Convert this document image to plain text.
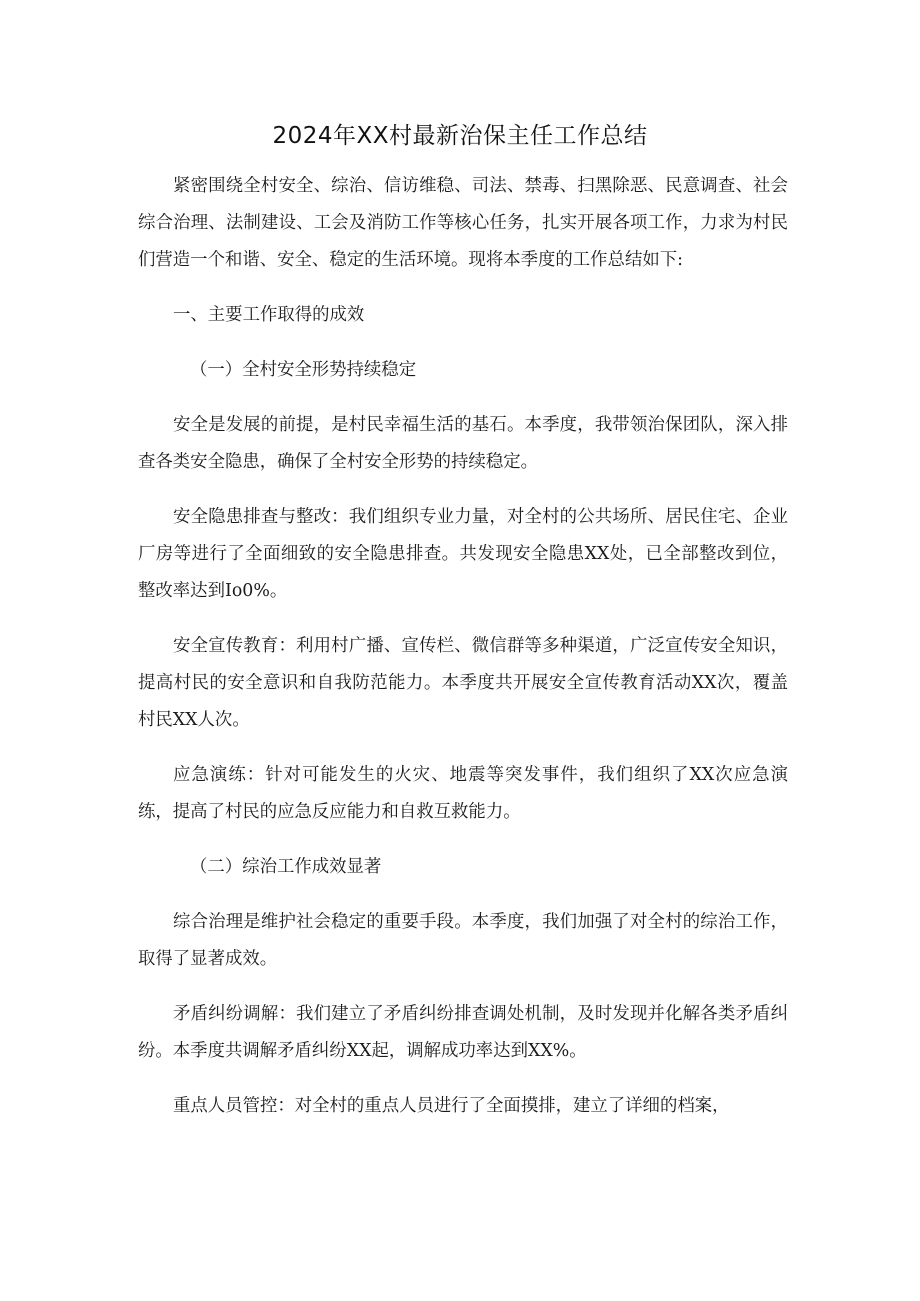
2024年XX村最新治保主任工作总结

紧密围绕全村安全、综治、信访维稳、司法、禁毒、扫黑除恶、民意调查、社会综合治理、法制建设、工会及消防工作等核心任务，扎实开展各项工作，力求为村民们营造一个和谐、安全、稳定的生活环境。现将本季度的工作总结如下:

一、主要工作取得的成效

（一）全村安全形势持续稳定

安全是发展的前提，是村民幸福生活的基石。本季度，我带领治保团队，深入排查各类安全隐患，确保了全村安全形势的持续稳定。

安全隐患排查与整改：我们组织专业力量，对全村的公共场所、居民住宅、企业厂房等进行了全面细致的安全隐患排查。共发现安全隐患XX处，已全部整改到位，整改率达到Io0%。

安全宣传教育：利用村广播、宣传栏、微信群等多种渠道，广泛宣传安全知识，提高村民的安全意识和自我防范能力。本季度共开展安全宣传教育活动XX次，覆盖村民XX人次。

应急演练：针对可能发生的火灾、地震等突发事件，我们组织了XX次应急演练，提高了村民的应急反应能力和自救互救能力。

（二）综治工作成效显著

综合治理是维护社会稳定的重要手段。本季度，我们加强了对全村的综治工作，取得了显著成效。

矛盾纠纷调解：我们建立了矛盾纠纷排查调处机制，及时发现并化解各类矛盾纠纷。本季度共调解矛盾纠纷XX起，调解成功率达到XX%。

重点人员管控：对全村的重点人员进行了全面摸排，建立了详细的档案，
